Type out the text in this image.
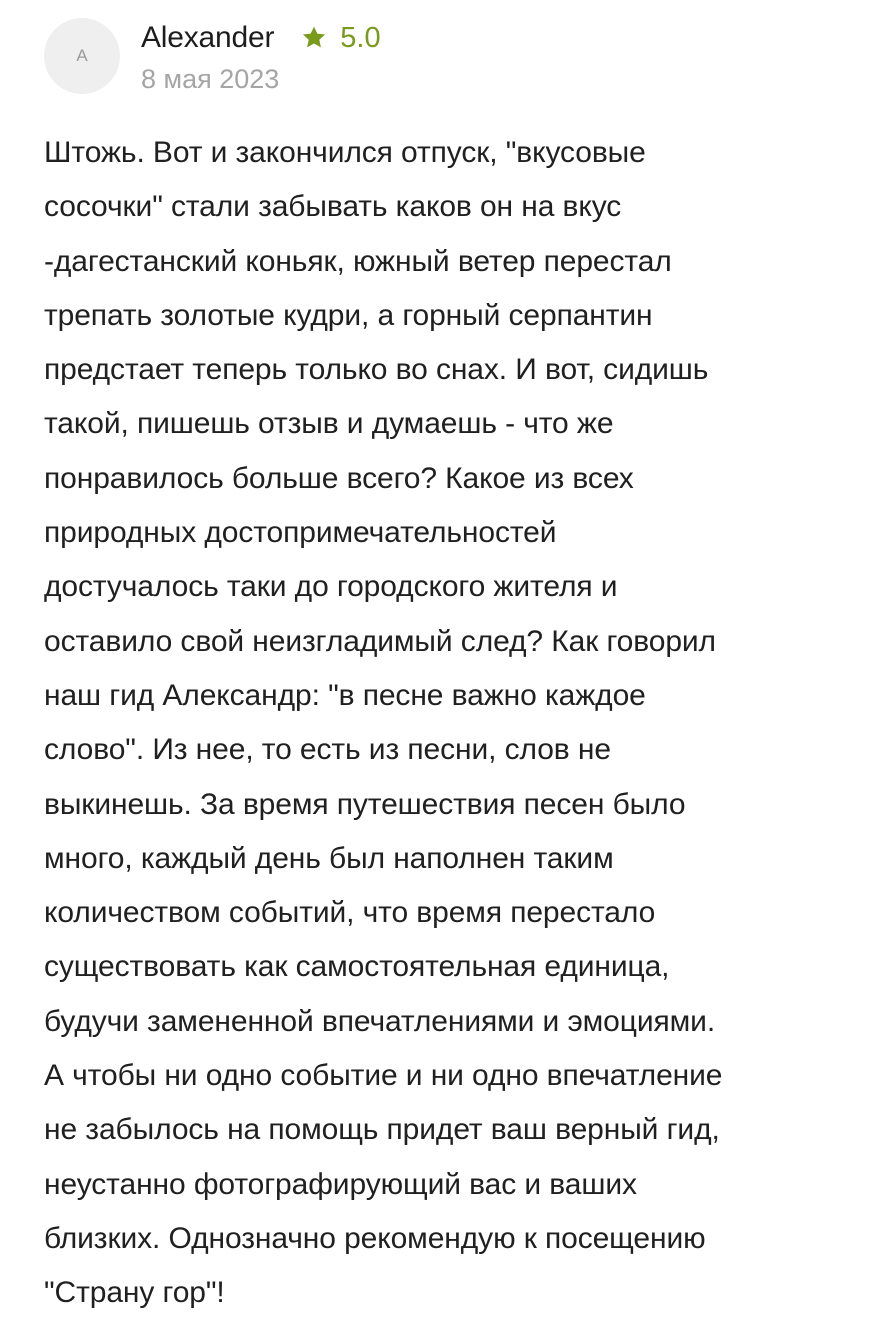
A
Alexander 5.0
8 мая 2023
Штожь. Вот и закончился отпуск, "вкусовые
сосочки" стали забывать каков он на вкус
-дагестанский коньяк, южный ветер перестал
трепать золотые кудри, а горный серпантин
предстает теперь только во снах. И вот, сидишь
такой, пишешь отзыв и думаешь - что же
понравилось больше всего? Какое из всех
природных достопримечательностей
достучалось таки до городского жителя и
оставило свой неизгладимый след? Как говорил
наш гид Александр: "в песне важно каждое
слово". Из нее, то есть из песни, слов не
выкинешь. За время путешествия песен было
много, каждый день был наполнен таким
количеством событий, что время перестало
существовать как самостоятельная единица,
будучи замененной впечатлениями и эмоциями.
А чтобы ни одно событие и ни одно впечатление
не забылось на помощь придет ваш верный гид,
неустанно фотографирующий вас и ваших
близких. Однозначно рекомендую к посещению
"Страну гор"!
